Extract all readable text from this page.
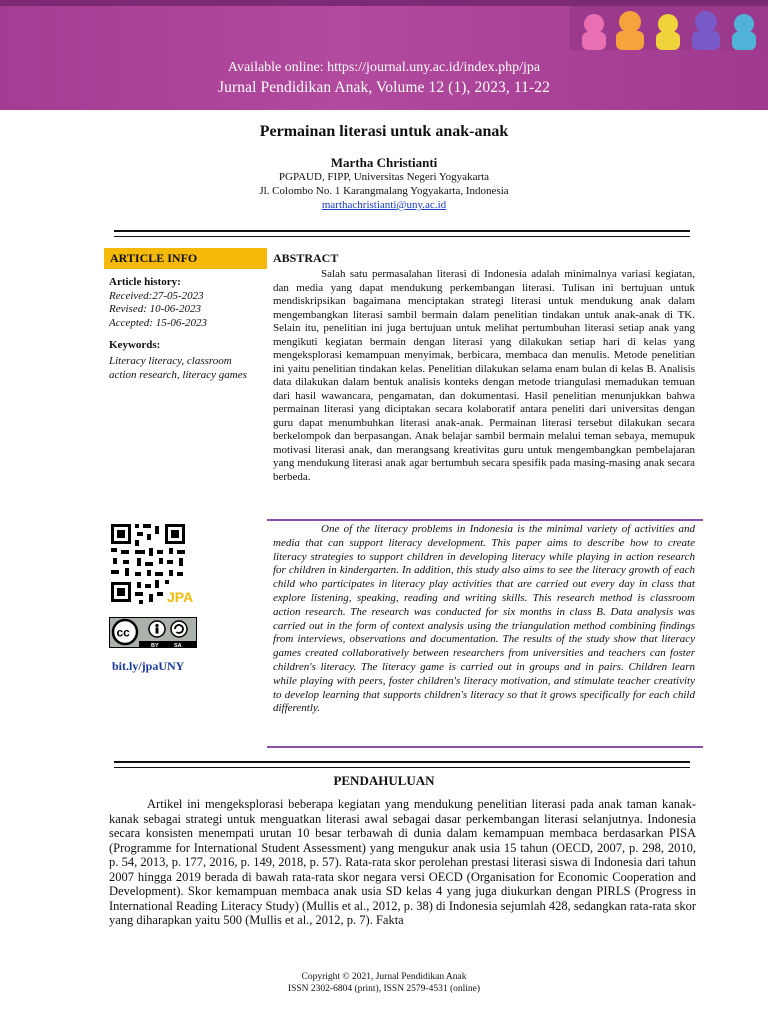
Available online: https://journal.uny.ac.id/index.php/jpa
Jurnal Pendidikan Anak, Volume 12 (1), 2023, 11-22
Permainan literasi untuk anak-anak
Martha Christianti
PGPAUD, FIPP, Universitas Negeri Yogyakarta
Jl. Colombo No. 1 Karangmalang Yogyakarta, Indonesia
marthachristianti@uny.ac.id
ARTICLE INFO
Article history:
Received:27-05-2023
Revised: 10-06-2023
Accepted: 15-06-2023
Keywords:
Literacy literacy, classroom action research, literacy games
JPA
cc
BY	SA
bit.ly/jpaUNY
ABSTRACT
Salah satu permasalahan literasi di Indonesia adalah minimalnya variasi kegiatan, dan media yang dapat mendukung perkembangan literasi. Tulisan ini bertujuan untuk mendiskripsikan bagaimana menciptakan strategi literasi untuk mendukung anak dalam mengembangkan literasi sambil bermain dalam penelitian tindakan untuk anak-anak di TK. Selain itu, penelitian ini juga bertujuan untuk melihat pertumbuhan literasi setiap anak yang mengikuti kegiatan bermain dengan literasi yang dilakukan setiap hari di kelas yang mengeksplorasi kemampuan menyimak, berbicara, membaca dan menulis. Metode penelitian ini yaitu penelitian tindakan kelas. Penelitian dilakukan selama enam bulan di kelas B. Analisis data dilakukan dalam bentuk analisis konteks dengan metode triangulasi memadukan temuan dari hasil wawancara, pengamatan, dan dokumentasi. Hasil penelitian menunjukkan bahwa permainan literasi yang diciptakan secara kolaboratif antara peneliti dari universitas dengan guru dapat menumbuhkan literasi anak-anak. Permainan literasi tersebut dilakukan secara berkelompok dan berpasangan. Anak belajar sambil bermain melalui teman sebaya, memupuk motivasi literasi anak, dan merangsang kreativitas guru untuk mengembangkan pembelajaran yang mendukung literasi anak agar bertumbuh secara spesifik pada masing-masing anak secara berbeda.
One of the literacy problems in Indonesia is the minimal variety of activities and media that can support literacy development. This paper aims to describe how to create literacy strategies to support children in developing literacy while playing in action research for children in kindergarten. In addition, this study also aims to see the literacy growth of each child who participates in literacy play activities that are carried out every day in class that explore listening, speaking, reading and writing skills. This research method is classroom action research. The research was conducted for six months in class B. Data analysis was carried out in the form of context analysis using the triangulation method combining findings from interviews, observations and documentation. The results of the study show that literacy games created collaboratively between researchers from universities and teachers can foster children's literacy. The literacy game is carried out in groups and in pairs. Children learn while playing with peers, foster children's literacy motivation, and stimulate teacher creativity to develop learning that supports children's literacy so that it grows specifically for each child differently.
PENDAHULUAN
Artikel ini mengeksplorasi beberapa kegiatan yang mendukung penelitian literasi pada anak taman kanak-kanak sebagai strategi untuk menguatkan literasi awal sebagai dasar perkembangan literasi selanjutnya. Indonesia secara konsisten menempati urutan 10 besar terbawah di dunia dalam kemampuan membaca berdasarkan PISA (Programme for International Student Assessment) yang mengukur anak usia 15 tahun (OECD, 2007, p. 298, 2010, p. 54, 2013, p. 177, 2016, p. 149, 2018, p. 57). Rata-rata skor perolehan prestasi literasi siswa di Indonesia dari tahun 2007 hingga 2019 berada di bawah rata-rata skor negara versi OECD (Organisation for Economic Cooperation and Development). Skor kemampuan membaca anak usia SD kelas 4 yang juga diukurkan dengan PIRLS (Progress in International Reading Literacy Study) (Mullis et al., 2012, p. 38) di Indonesia sejumlah 428, sedangkan rata-rata skor yang diharapkan yaitu 500 (Mullis et al., 2012, p. 7). Fakta
Copyright © 2021, Jurnal Pendidikan Anak
ISSN 2302-6804 (print), ISSN 2579-4531 (online)
